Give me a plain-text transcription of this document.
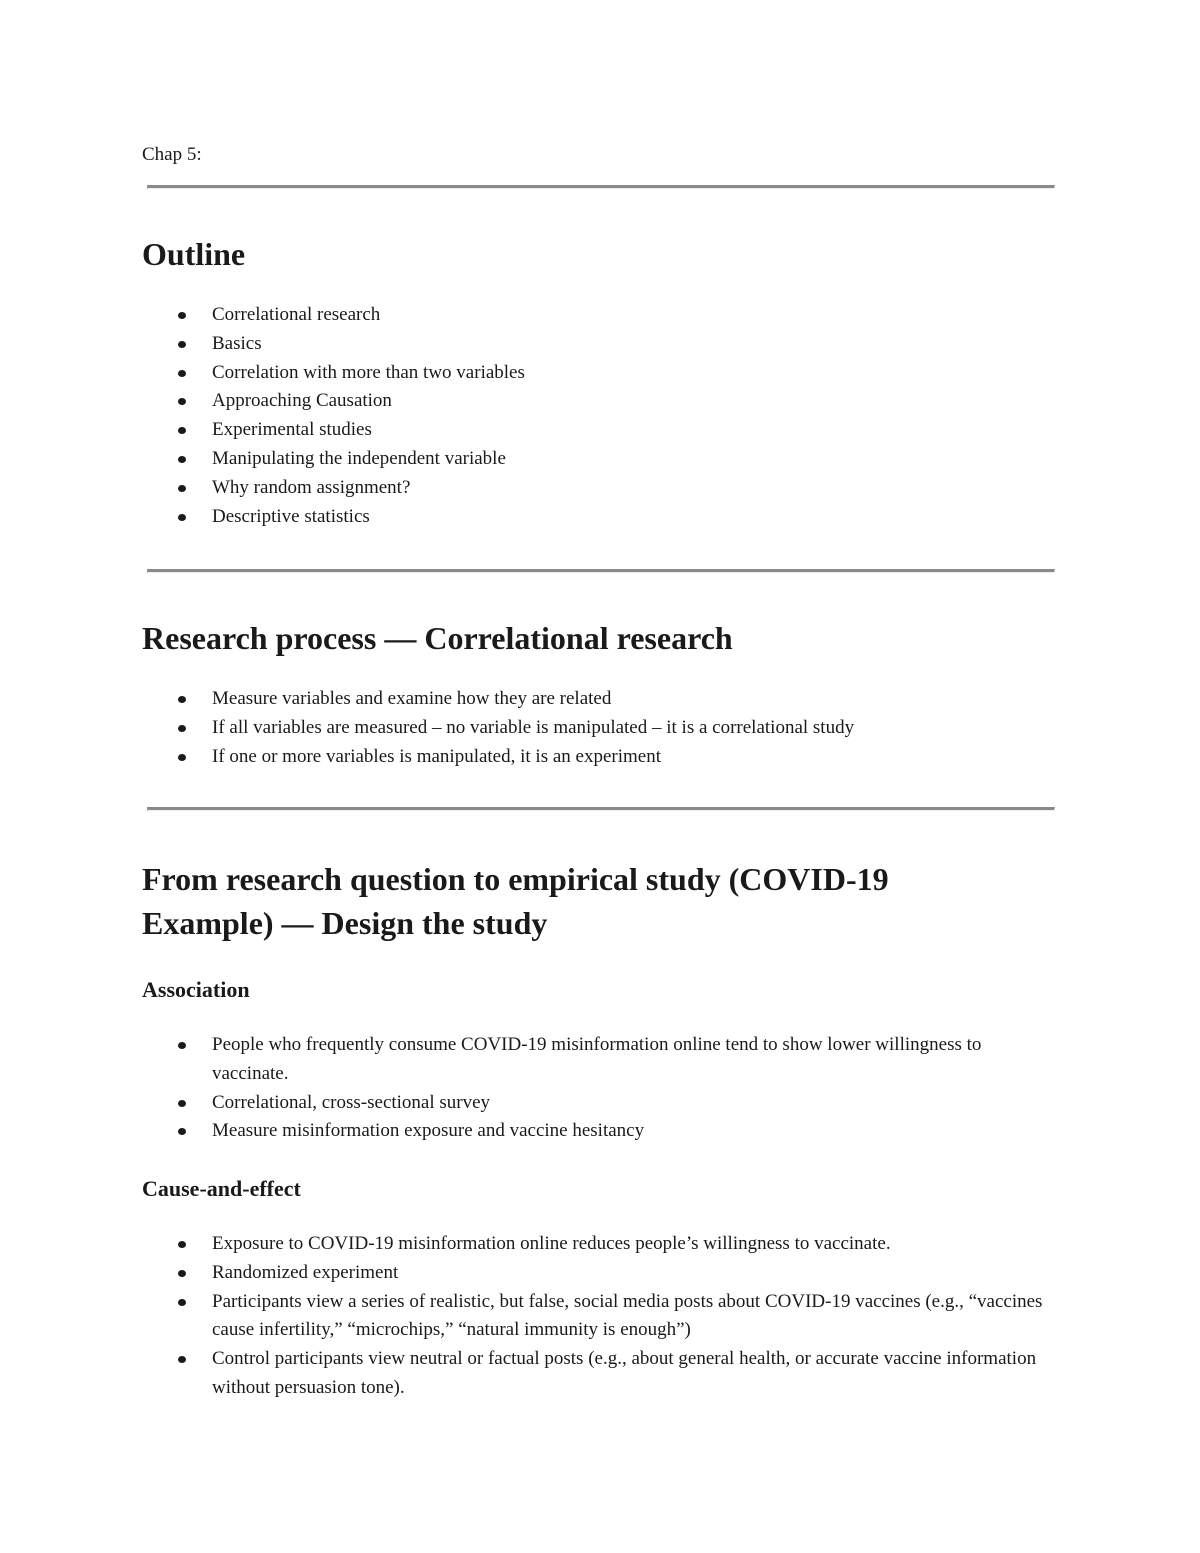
Chap 5:

Outline
Correlational research
Basics
Correlation with more than two variables
Approaching Causation
Experimental studies
Manipulating the independent variable
Why random assignment?
Descriptive statistics
Research process — Correlational research
Measure variables and examine how they are related
If all variables are measured – no variable is manipulated – it is a correlational study
If one or more variables is manipulated, it is an experiment
From research question to empirical study (COVID-19 Example) — Design the study
Association
People who frequently consume COVID-19 misinformation online tend to show lower willingness to vaccinate.
Correlational, cross-sectional survey
Measure misinformation exposure and vaccine hesitancy
Cause-and-effect
Exposure to COVID-19 misinformation online reduces people’s willingness to vaccinate.
Randomized experiment
Participants view a series of realistic, but false, social media posts about COVID-19 vaccines (e.g., “vaccines cause infertility,” “microchips,” “natural immunity is enough”)
Control participants view neutral or factual posts (e.g., about general health, or accurate vaccine information without persuasion tone).
